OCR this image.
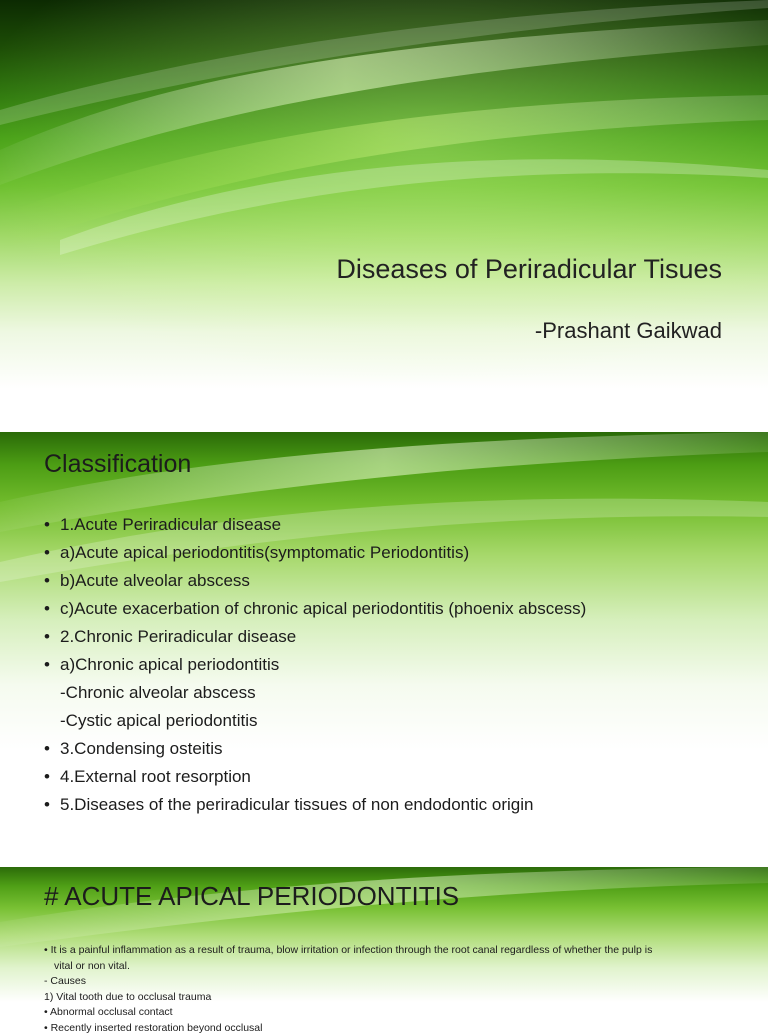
Diseases of Periradicular Tisues
-Prashant Gaikwad
Classification
• 1.Acute Periradicular disease
• a)Acute apical periodontitis(symptomatic Periodontitis)
• b)Acute alveolar abscess
• c)Acute exacerbation of chronic apical periodontitis (phoenix abscess)
• 2.Chronic Periradicular disease
• a)Chronic apical periodontitis
-Chronic alveolar abscess
-Cystic apical periodontitis
• 3.Condensing osteitis
• 4.External root resorption
• 5.Diseases of the periradicular tissues of non endodontic origin
# ACUTE APICAL PERIODONTITIS
• It is a painful inflammation as a result of trauma, blow irritation or infection through the root canal regardless of whether the pulp is
vital or non vital.
- Causes
1) Vital tooth due to occlusal trauma
• Abnormal occlusal contact
• Recently inserted restoration beyond occlusal
